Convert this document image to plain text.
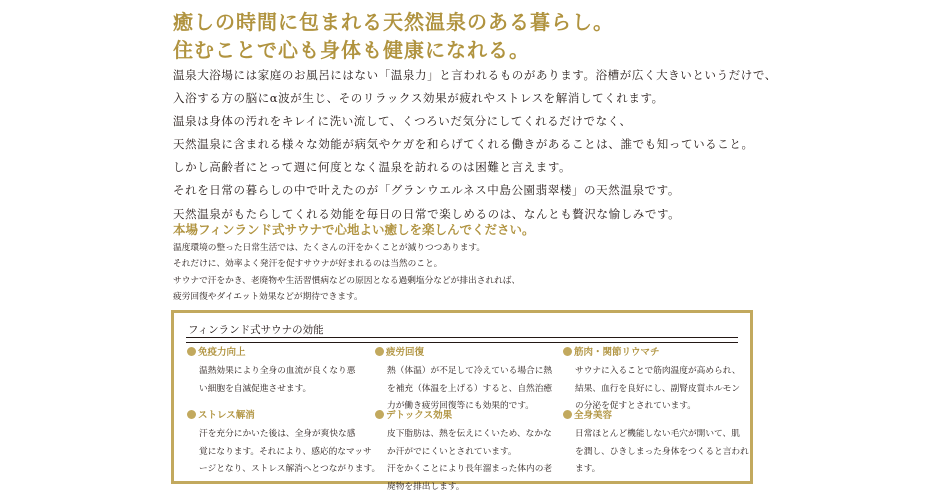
癒しの時間に包まれる天然温泉のある暮らし。
住むことで心も身体も健康になれる。
温泉大浴場には家庭のお風呂にはない「温泉力」と言われるものがあります。浴槽が広く大きいというだけで、
入浴する方の脳にα波が生じ、そのリラックス効果が疲れやストレスを解消してくれます。
温泉は身体の汚れをキレイに洗い流して、くつろいだ気分にしてくれるだけでなく、
天然温泉に含まれる様々な効能が病気やケガを和らげてくれる働きがあることは、誰でも知っていること。
しかし高齢者にとって週に何度となく温泉を訪れるのは困難と言えます。
それを日常の暮らしの中で叶えたのが「グランウエルネス中島公園翡翠楼」の天然温泉です。
天然温泉がもたらしてくれる効能を毎日の日常で楽しめるのは、なんとも贅沢な愉しみです。
本場フィンランド式サウナで心地よい癒しを楽しんでください。
温度環境の整った日常生活では、たくさんの汗をかくことが減りつつあります。
それだけに、効率よく発汗を促すサウナが好まれるのは当然のこと。
サウナで汗をかき、老廃物や生活習慣病などの原因となる過剰塩分などが排出されれば、
疲労回復やダイエット効果などが期待できます。
フィンランド式サウナの効能
免疫力向上
温熱効果により全身の血流が良くなり悪
い細胞を自滅促進させます。
疲労回復
熱（体温）が不足して冷えている場合に熱
を補充（体温を上げる）すると、自然治癒
力が働き疲労回復等にも効果的です。
筋肉・関節リウマチ
サウナに入ることで筋肉温度が高められ、
結果、血行を良好にし、副腎皮質ホルモン
の分泌を促すとされています。
ストレス解消
汗を充分にかいた後は、全身が爽快な感
覚になります。それにより、感応的なマッサ
ージとなり、ストレス解消へとつながります。
デトックス効果
皮下脂肪は、熱を伝えにくいため、なかな
か汗がでにくいとされています。
汗をかくことにより長年溜まった体内の老
廃物を排出します。
全身美容
日常ほとんど機能しない毛穴が開いて、肌
を潤し、ひきしまった身体をつくると言われ
ます。
